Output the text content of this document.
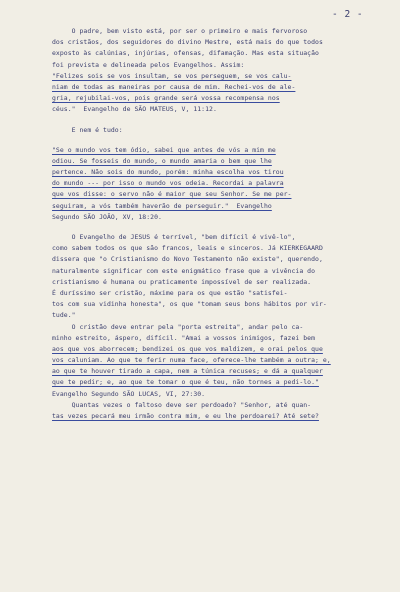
- 2 -
O padre, bem visto está, por ser o primeiro e mais fervoroso
dos cristãos, dos seguidores do divino Mestre, está mais do que todos
exposto às calúnias, injúrias, ofensas, difamação. Mas esta situação
foi prevista e delineada pelos Evangelhos. Assim:
"Felizes sois se vos insultam, se vos perseguem, se vos calu-
niam de todas as maneiras por causa de mim. Rechei-vos de ale-
gria, rejubilai-vos, pois grande será vossa recompensa nos
céus."  Evangelho de SÃO MATEUS, V, 11:12.
E nem é tudo:
"Se o mundo vos tem ódio, sabei que antes de vós a mim me
odiou. Se fosseis do mundo, o mundo amaria o bem que lhe
pertence. Não sois do mundo, porém: minha escolha vos tirou
do mundo --- por isso o mundo vos odeia. Recordai a palavra
que vos disse: o servo não é maior que seu Senhor. Se me per-
seguiram, a vós também haverão de perseguir."  Evangelho
Segundo SÃO JOÃO, XV, 18:20.
O Evangelho de JESUS é terrível, "bem difícil é vivê-lo",
como sabem todos os que são francos, leais e sinceros. Já KIERKEGAARD
dissera que "o Cristianismo do Novo Testamento não existe", querendo,
naturalmente significar com este enigmático frase que a vivência do
cristianismo é humana ou praticamente impossível de ser realizada.
É duríssimo ser cristão, máxime para os que estão "satisfei-
tos com sua vidinha honesta", os que "tomam seus bons hábitos por vir-
tude."
O cristão deve entrar pela "porta estreita", andar pelo ca-
minho estreito, áspero, difícil. "Amai a vossos inimigos, fazei bem
aos que vos aborrecem; bendizei os que vos maldizem, e orai pelos que
vos caluniam. Ao que te ferir numa face, oferece-lhe também a outra; e,
ao que te houver tirado a capa, nem a túnica recuses; e dá a qualquer
que te pedir; e, ao que te tomar o que é teu, não tornes a pedi-lo."
Evangelho Segundo SÃO LUCAS, VI, 27:30.
Quantas vezes o faltoso deve ser perdoado? "Senhor, até quan-
tas vezes pecará meu irmão contra mim, e eu lhe perdoarei? Até sete?
